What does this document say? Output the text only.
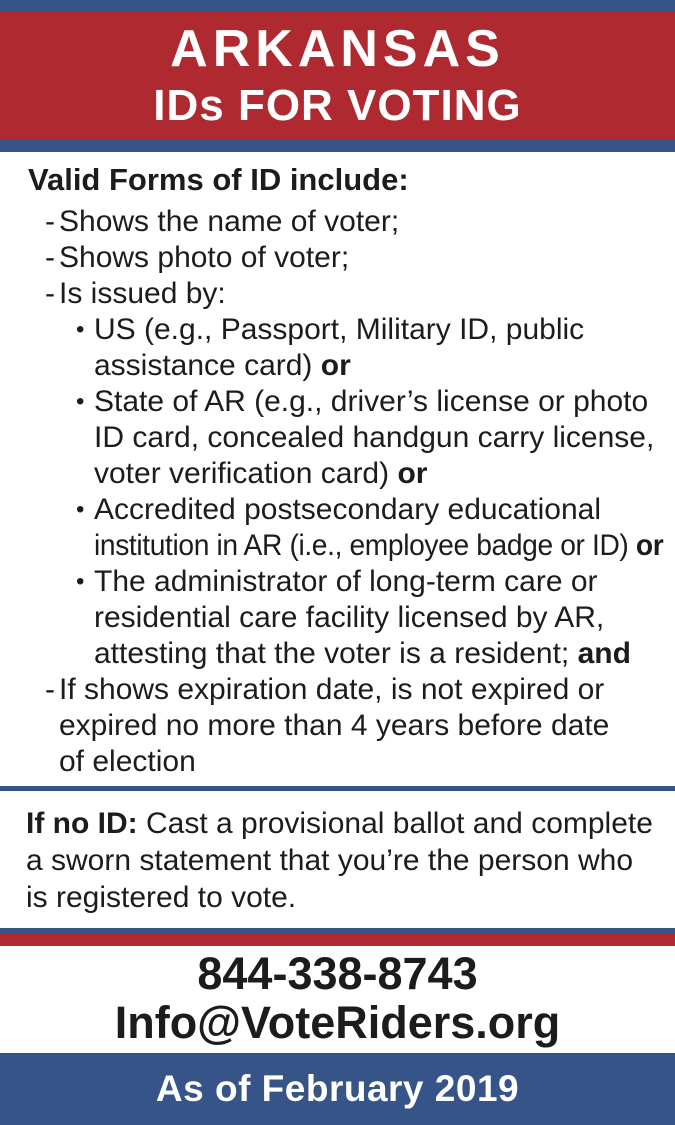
ARKANSAS
IDs FOR VOTING
Valid Forms of ID include:
- Shows the name of voter;
- Shows photo of voter;
- Is issued by:
• US (e.g., Passport, Military ID, public
assistance card) or
• State of AR (e.g., driver’s license or photo
ID card, concealed handgun carry license,
voter verification card) or
• Accredited postsecondary educational
institution in AR (i.e., employee badge or ID) or
• The administrator of long-term care or
residential care facility licensed by AR,
attesting that the voter is a resident; and
- If shows expiration date, is not expired or
expired no more than 4 years before date
of election
If no ID: Cast a provisional ballot and complete
a sworn statement that you’re the person who
is registered to vote.
844-338-8743
Info@VoteRiders.org
As of February 2019
